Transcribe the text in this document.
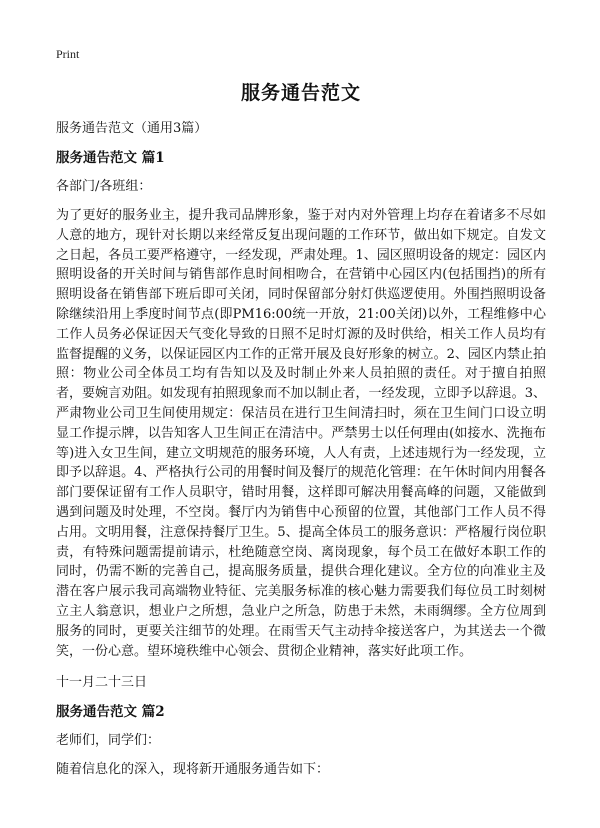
Print
服务通告范文
服务通告范文（通用3篇）
服务通告范文 篇1
各部门/各班组：
为了更好的服务业主，提升我司品牌形象，鉴于对内对外管理上均存在着诸多不尽如人意的地方，现针对长期以来经常反复出现问题的工作环节，做出如下规定。自发文之日起，各员工要严格遵守，一经发现，严肃处理。1、园区照明设备的规定：园区内照明设备的开关时间与销售部作息时间相吻合，在营销中心园区内(包括围挡)的所有照明设备在销售部下班后即可关闭，同时保留部分射灯供巡逻使用。外围挡照明设备除继续沿用上季度时间节点(即PM16:00统一开放，21:00关闭)以外，工程维修中心工作人员务必保证因天气变化导致的日照不足时灯源的及时供给，相关工作人员均有监督提醒的义务，以保证园区内工作的正常开展及良好形象的树立。2、园区内禁止拍照：物业公司全体员工均有告知以及及时制止外来人员拍照的责任。对于擅自拍照者，要婉言劝阻。如发现有拍照现象而不加以制止者，一经发现，立即予以辞退。3、严肃物业公司卫生间使用规定：保洁员在进行卫生间清扫时，须在卫生间门口设立明显工作提示牌，以告知客人卫生间正在清洁中。严禁男士以任何理由(如接水、洗拖布等)进入女卫生间，建立文明规范的服务环境，人人有责，上述违规行为一经发现，立即予以辞退。4、严格执行公司的用餐时间及餐厅的规范化管理：在午休时间内用餐各部门要保证留有工作人员职守，错时用餐，这样即可解决用餐高峰的问题，又能做到遇到问题及时处理，不空岗。餐厅内为销售中心预留的位置，其他部门工作人员不得占用。文明用餐，注意保持餐厅卫生。5、提高全体员工的服务意识：严格履行岗位职责，有特殊问题需提前请示，杜绝随意空岗、离岗现象，每个员工在做好本职工作的同时，仍需不断的完善自己，提高服务质量，提供合理化建议。全方位的向准业主及潜在客户展示我司高端物业特征、完美服务标准的核心魅力需要我们每位员工时刻树立主人翁意识，想业户之所想，急业户之所急，防患于未然，未雨绸缪。全方位周到服务的同时，更要关注细节的处理。在雨雪天气主动持伞接送客户，为其送去一个微笑，一份心意。望环境秩维中心领会、贯彻企业精神，落实好此项工作。
十一月二十三日
服务通告范文 篇2
老师们，同学们：
随着信息化的深入，现将新开通服务通告如下：
